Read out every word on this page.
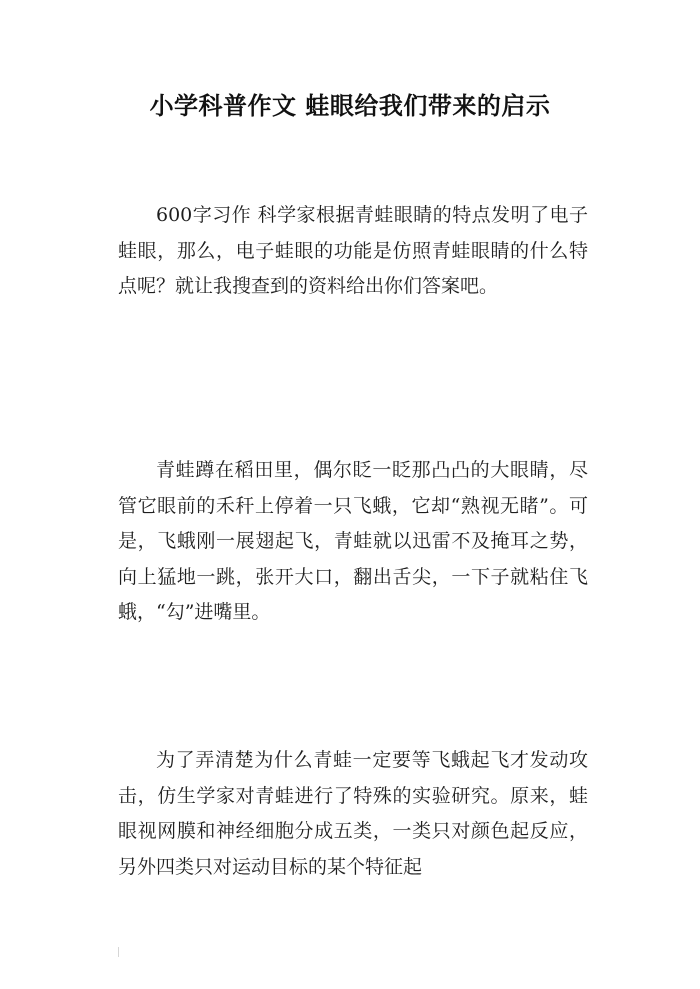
小学科普作文 蛙眼给我们带来的启示

600字习作 科学家根据青蛙眼睛的特点发明了电子蛙眼，那么，电子蛙眼的功能是仿照青蛙眼睛的什么特点呢？就让我搜查到的资料给出你们答案吧。

青蛙蹲在稻田里，偶尔眨一眨那凸凸的大眼睛，尽管它眼前的禾秆上停着一只飞蛾，它却“熟视无睹”。可是，飞蛾刚一展翅起飞，青蛙就以迅雷不及掩耳之势，向上猛地一跳，张开大口，翻出舌尖，一下子就粘住飞蛾，“勾”进嘴里。

为了弄清楚为什么青蛙一定要等飞蛾起飞才发动攻击，仿生学家对青蛙进行了特殊的实验研究。原来，蛙眼视网膜和神经细胞分成五类，一类只对颜色起反应，另外四类只对运动目标的某个特征起
